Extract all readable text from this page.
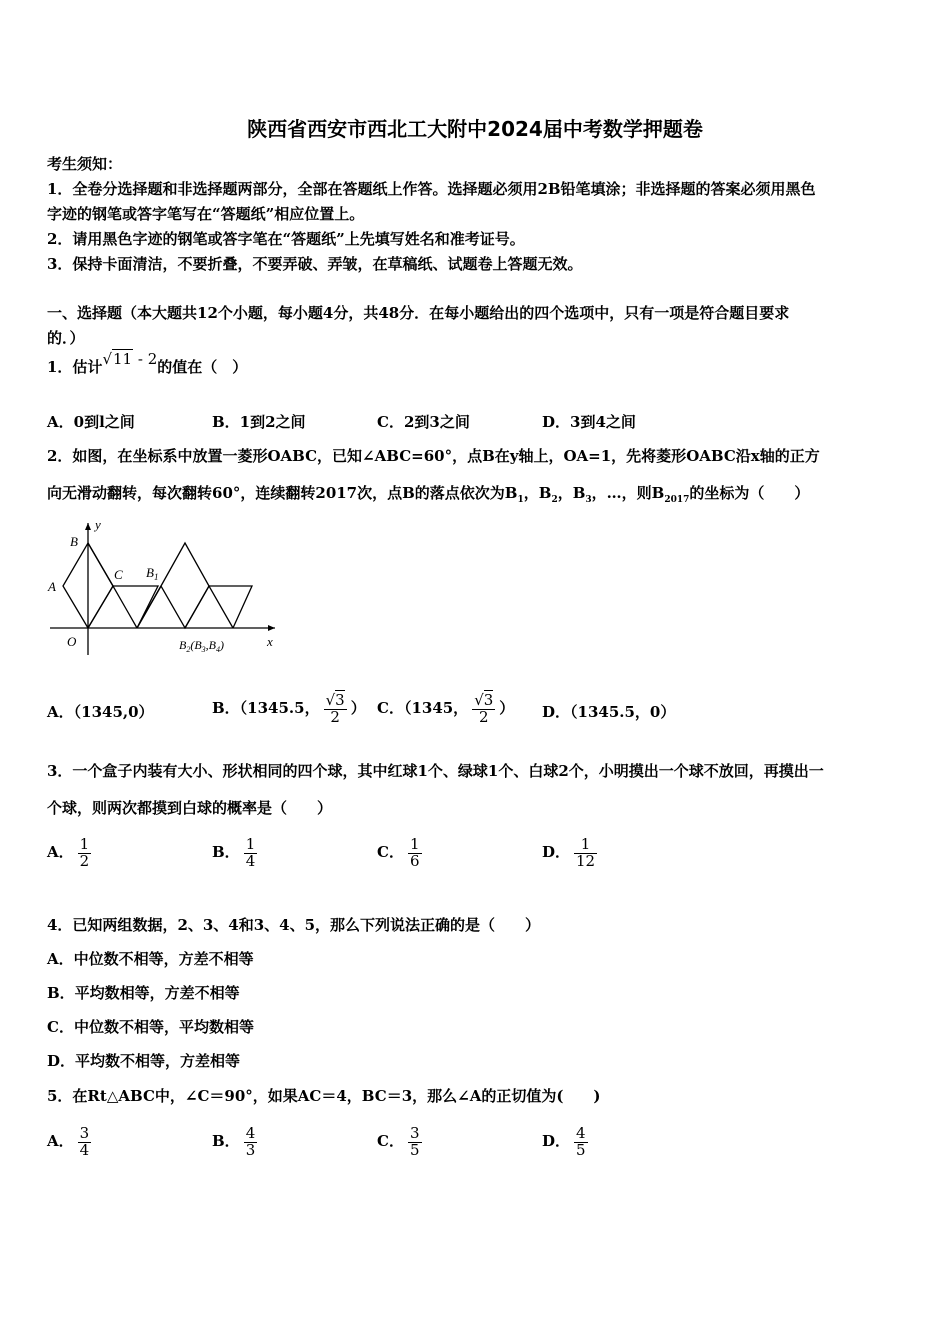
陕西省西安市西北工大附中2024届中考数学押题卷
考生须知：
1．全卷分选择题和非选择题两部分，全部在答题纸上作答。选择题必须用2B铅笔填涂；非选择题的答案必须用黑色
字迹的钢笔或答字笔写在“答题纸”相应位置上。
2．请用黑色字迹的钢笔或答字笔在“答题纸”上先填写姓名和准考证号。
3．保持卡面清洁，不要折叠，不要弄破、弄皱，在草稿纸、试题卷上答题无效。
一、选择题（本大题共12个小题，每小题4分，共48分．在每小题给出的四个选项中，只有一项是符合题目要求
的．）
1．估计√11 - 2的值在（　）
A．0到l之间	B．1到2之间	C．2到3之间	D．3到4之间
2．如图，在坐标系中放置一菱形OABC，已知∠ABC=60°，点B在y轴上，OA=1，先将菱形OABC沿x轴的正方
向无滑动翻转，每次翻转60°，连续翻转2017次，点B的落点依次为$B_1$，$B_2$，$B_3$，…，则$B_{2017}$的坐标为（　　）
y
x
B
A
C
O
$B_1$
$B_2(B_3,B_4)$
A．（1345,0）	B．（1345.5， $\frac{√3}{2}$ ） C．（1345， $\frac{√3}{2}$ ） D．（1345.5，0）
3．一个盒子内装有大小、形状相同的四个球，其中红球1个、绿球1个、白球2个，小明摸出一个球不放回，再摸出一
个球，则两次都摸到白球的概率是（　　）
A． $\frac{1}{2}$	B． $\frac{1}{4}$	C． $\frac{1}{6}$	D． $\frac{1}{12}$
4．已知两组数据，2、3、4和3、4、5，那么下列说法正确的是（　　）
A．中位数不相等，方差不相等
B．平均数相等，方差不相等
C．中位数不相等，平均数相等
D．平均数不相等，方差相等
5．在Rt△ABC中，∠C＝90°，如果AC＝4，BC＝3，那么∠A的正切值为(　　)
A． $\frac{3}{4}$	B． $\frac{4}{3}$	C． $\frac{3}{5}$	D． $\frac{4}{5}$
